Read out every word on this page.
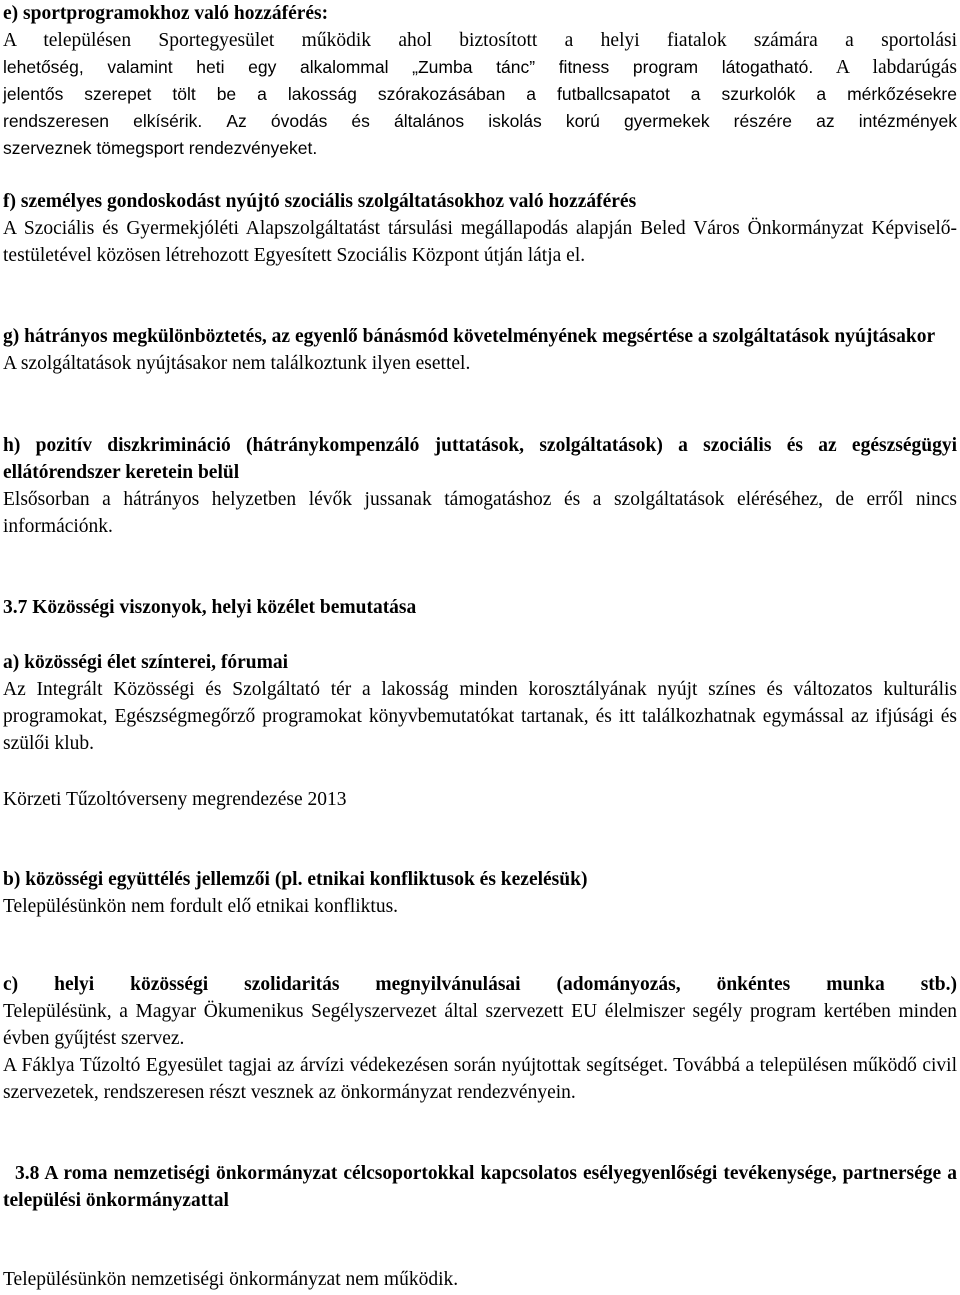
e) sportprogramokhoz való hozzáférés:

A településen Sportegyesület működik ahol biztosított a helyi fiatalok számára a sportolási

lehetőség, valamint heti egy alkalommal „Zumba tánc” fitness program látogatható. A labdarúgás

jelentős szerepet tölt be a lakosság szórakozásában a futballcsapatot a szurkolók a mérkőzésekre

rendszeresen elkísérik. Az óvodás és általános iskolás korú gyermekek részére az intézmények

szerveznek tömegsport rendezvényeket.

f) személyes gondoskodást nyújtó szociális szolgáltatásokhoz való hozzáférés

A Szociális és Gyermekjóléti Alapszolgáltatást társulási megállapodás alapján Beled Város Önkormányzat Képviselő-testületével közösen létrehozott Egyesített Szociális Központ útján látja el.

g) hátrányos megkülönböztetés, az egyenlő bánásmód követelményének megsértése a szolgáltatások nyújtásakor

A szolgáltatások nyújtásakor nem találkoztunk ilyen esettel.

h) pozitív diszkrimináció (hátránykompenzáló juttatások, szolgáltatások) a szociális és az egészségügyi ellátórendszer keretein belül

Elsősorban a hátrányos helyzetben lévők jussanak támogatáshoz és a szolgáltatások eléréséhez, de erről nincs információnk.

3.7 Közösségi viszonyok, helyi közélet bemutatása

a) közösségi élet színterei, fórumai

Az Integrált Közösségi és Szolgáltató tér a lakosság minden korosztályának nyújt színes és változatos kulturális programokat, Egészségmegőrző programokat könyvbemutatókat tartanak, és itt találkozhatnak egymással az ifjúsági és szülői klub.

Körzeti Tűzoltóverseny megrendezése 2013

b) közösségi együttélés jellemzői (pl. etnikai konfliktusok és kezelésük)

Településünkön nem fordult elő etnikai konfliktus.

c) helyi közösségi szolidaritás megnyilvánulásai (adományozás, önkéntes munka stb.)

Településünk, a Magyar Ökumenikus Segélyszervezet által szervezett EU élelmiszer segély program kertében minden évben gyűjtést szervez.

A Fáklya Tűzoltó Egyesület tagjai az árvízi védekezésen során nyújtottak segítséget. Továbbá a településen működő civil szervezetek, rendszeresen részt vesznek az önkormányzat rendezvényein.

3.8 A roma nemzetiségi önkormányzat célcsoportokkal kapcsolatos esélyegyenlőségi tevékenysége, partnersége a települési önkormányzattal

Településünkön nemzetiségi önkormányzat nem működik.
